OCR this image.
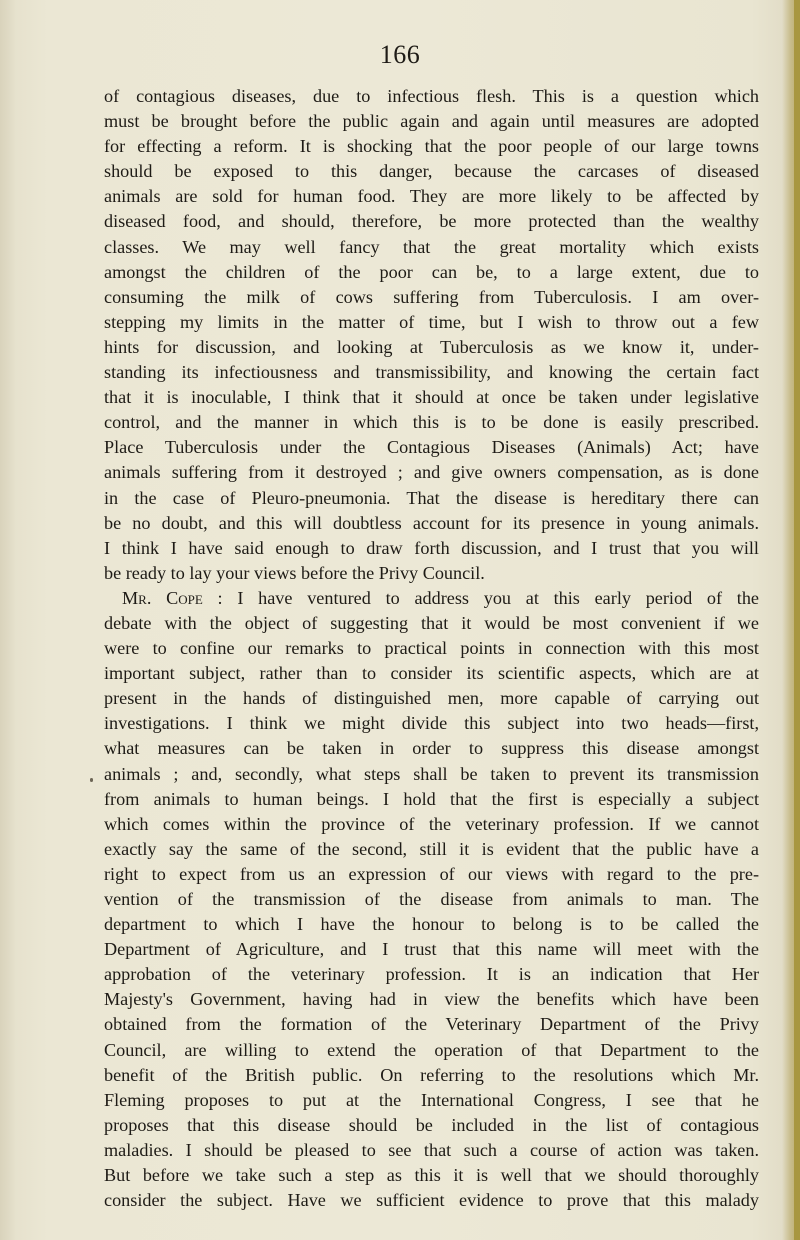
166
of contagious diseases, due to infectious flesh. This is a question which
must be brought before the public again and again until measures are adopted
for effecting a reform. It is shocking that the poor people of our large towns
should be exposed to this danger, because the carcases of diseased
animals are sold for human food. They are more likely to be affected by
diseased food, and should, therefore, be more protected than the wealthy
classes. We may well fancy that the great mortality which exists
amongst the children of the poor can be, to a large extent, due to
consuming the milk of cows suffering from Tuberculosis. I am over-
stepping my limits in the matter of time, but I wish to throw out a few
hints for discussion, and looking at Tuberculosis as we know it, under-
standing its infectiousness and transmissibility, and knowing the certain fact
that it is inoculable, I think that it should at once be taken under legislative
control, and the manner in which this is to be done is easily prescribed.
Place Tuberculosis under the Contagious Diseases (Animals) Act; have
animals suffering from it destroyed ; and give owners compensation, as is done
in the case of Pleuro-pneumonia. That the disease is hereditary there can
be no doubt, and this will doubtless account for its presence in young animals.
I think I have said enough to draw forth discussion, and I trust that you will
be ready to lay your views before the Privy Council.
Mr. Cope : I have ventured to address you at this early period of the
debate with the object of suggesting that it would be most convenient if we
were to confine our remarks to practical points in connection with this most
important subject, rather than to consider its scientific aspects, which are at
present in the hands of distinguished men, more capable of carrying out
investigations. I think we might divide this subject into two heads—first,
what measures can be taken in order to suppress this disease amongst
animals ; and, secondly, what steps shall be taken to prevent its transmission
from animals to human beings. I hold that the first is especially a subject
which comes within the province of the veterinary profession. If we cannot
exactly say the same of the second, still it is evident that the public have a
right to expect from us an expression of our views with regard to the pre-
vention of the transmission of the disease from animals to man. The
department to which I have the honour to belong is to be called the
Department of Agriculture, and I trust that this name will meet with the
approbation of the veterinary profession. It is an indication that Her
Majesty's Government, having had in view the benefits which have been
obtained from the formation of the Veterinary Department of the Privy
Council, are willing to extend the operation of that Department to the
benefit of the British public. On referring to the resolutions which Mr.
Fleming proposes to put at the International Congress, I see that he
proposes that this disease should be included in the list of contagious
maladies. I should be pleased to see that such a course of action was taken.
But before we take such a step as this it is well that we should thoroughly
consider the subject. Have we sufficient evidence to prove that this malady
